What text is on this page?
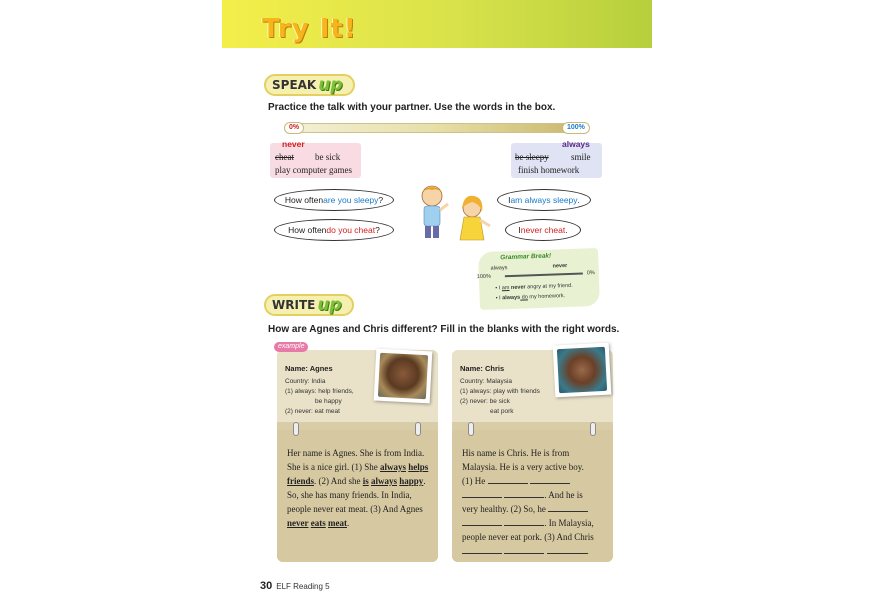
Try It!
SPEAK up
Practice the talk with your partner. Use the words in the box.
0%	100%
never
cheat be sick
play computer games
always
be sleepy smile
finish homework
How often are you sleepy ?
How often do you cheat ?
I am always sleepy .
I never cheat .
Grammar Break!
always	never
100%
0%
• I am never angry at my friend.
• I always do my homework.
WRITE up
How are Agnes and Chris different? Fill in the blanks with the right words.
Name: Agnes
Country: India
(1) always: help friends,
be happy
(2) never: eat meat
Her name is Agnes. She is from India.
She is a nice girl. (1) She always helps
friends. (2) And she is always happy.
So, she has many friends. In India,
people never eat meat. (3) And Agnes
never eats meat.
example
Name: Chris
Country: Malaysia
(1) always: play with friends
(2) never: be sick
eat pork
His name is Chris. He is from
Malaysia. He is a very active boy.
(1) He
. And he is
very healthy. (2) So, he
. In Malaysia,
people never eat pork. (3) And Chris
.
30 ELF Reading 5
